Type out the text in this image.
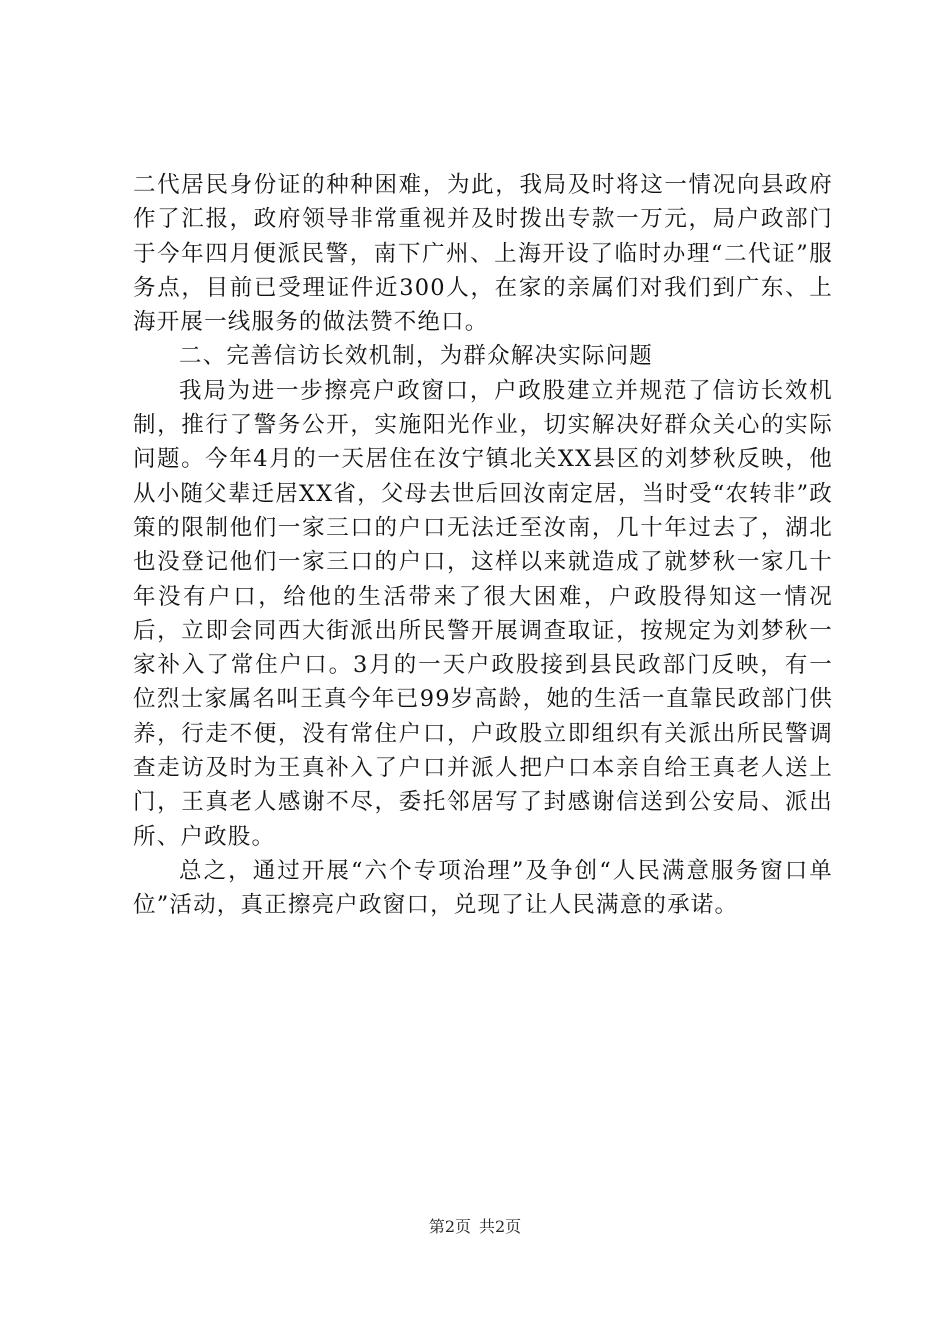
二代居民身份证的种种困难，为此，我局及时将这一情况向县政府作了汇报，政府领导非常重视并及时拨出专款一万元，局户政部门于今年四月便派民警，南下广州、上海开设了临时办理“二代证”服务点，目前已受理证件近300人，在家的亲属们对我们到广东、上海开展一线服务的做法赞不绝口。

二、完善信访长效机制，为群众解决实际问题

我局为进一步擦亮户政窗口，户政股建立并规范了信访长效机制，推行了警务公开，实施阳光作业，切实解决好群众关心的实际问题。今年4月的一天居住在汝宁镇北关XX县区的刘梦秋反映，他从小随父辈迁居XX省，父母去世后回汝南定居，当时受“农转非”政策的限制他们一家三口的户口无法迁至汝南，几十年过去了，湖北也没登记他们一家三口的户口，这样以来就造成了就梦秋一家几十年没有户口，给他的生活带来了很大困难，户政股得知这一情况后，立即会同西大街派出所民警开展调查取证，按规定为刘梦秋一家补入了常住户口。3月的一天户政股接到县民政部门反映，有一位烈士家属名叫王真今年已99岁高龄，她的生活一直靠民政部门供养，行走不便，没有常住户口，户政股立即组织有关派出所民警调查走访及时为王真补入了户口并派人把户口本亲自给王真老人送上门，王真老人感谢不尽，委托邻居写了封感谢信送到公安局、派出所、户政股。

总之，通过开展“六个专项治理”及争创“人民满意服务窗口单位”活动，真正擦亮户政窗口，兑现了让人民满意的承诺。

第2页 共2页
